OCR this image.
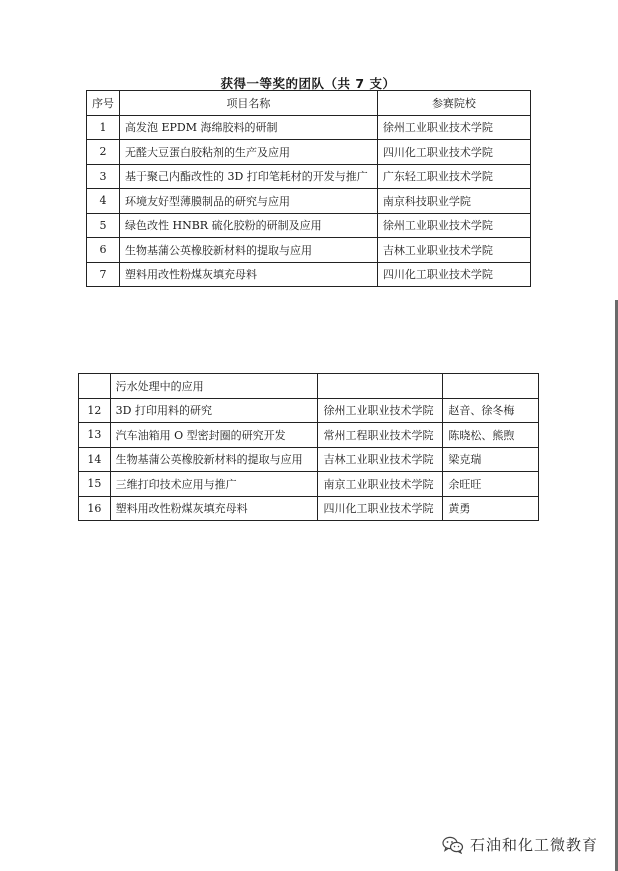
获得一等奖的团队（共 7 支）
序号	项目名称	参赛院校
1	高发泡 EPDM 海绵胶料的研制	徐州工业职业技术学院
2	无醛大豆蛋白胶粘剂的生产及应用	四川化工职业技术学院
3	基于聚己内酯改性的 3D 打印笔耗材的开发与推广	广东轻工职业技术学院
4	环境友好型薄膜制品的研究与应用	南京科技职业学院
5	绿色改性 HNBR 硫化胶粉的研制及应用	徐州工业职业技术学院
6	生物基蒲公英橡胶新材料的提取与应用	吉林工业职业技术学院
7	塑料用改性粉煤灰填充母料	四川化工职业技术学院
	污水处理中的应用		
12	3D 打印用料的研究	徐州工业职业技术学院	赵音、徐冬梅
13	汽车油箱用 O 型密封圈的研究开发	常州工程职业技术学院	陈晓松、熊煦
14	生物基蒲公英橡胶新材料的提取与应用	吉林工业职业技术学院	梁克瑞
15	三维打印技术应用与推广	南京工业职业技术学院	余旺旺
16	塑料用改性粉煤灰填充母料	四川化工职业技术学院	黄勇
石油和化工微教育
